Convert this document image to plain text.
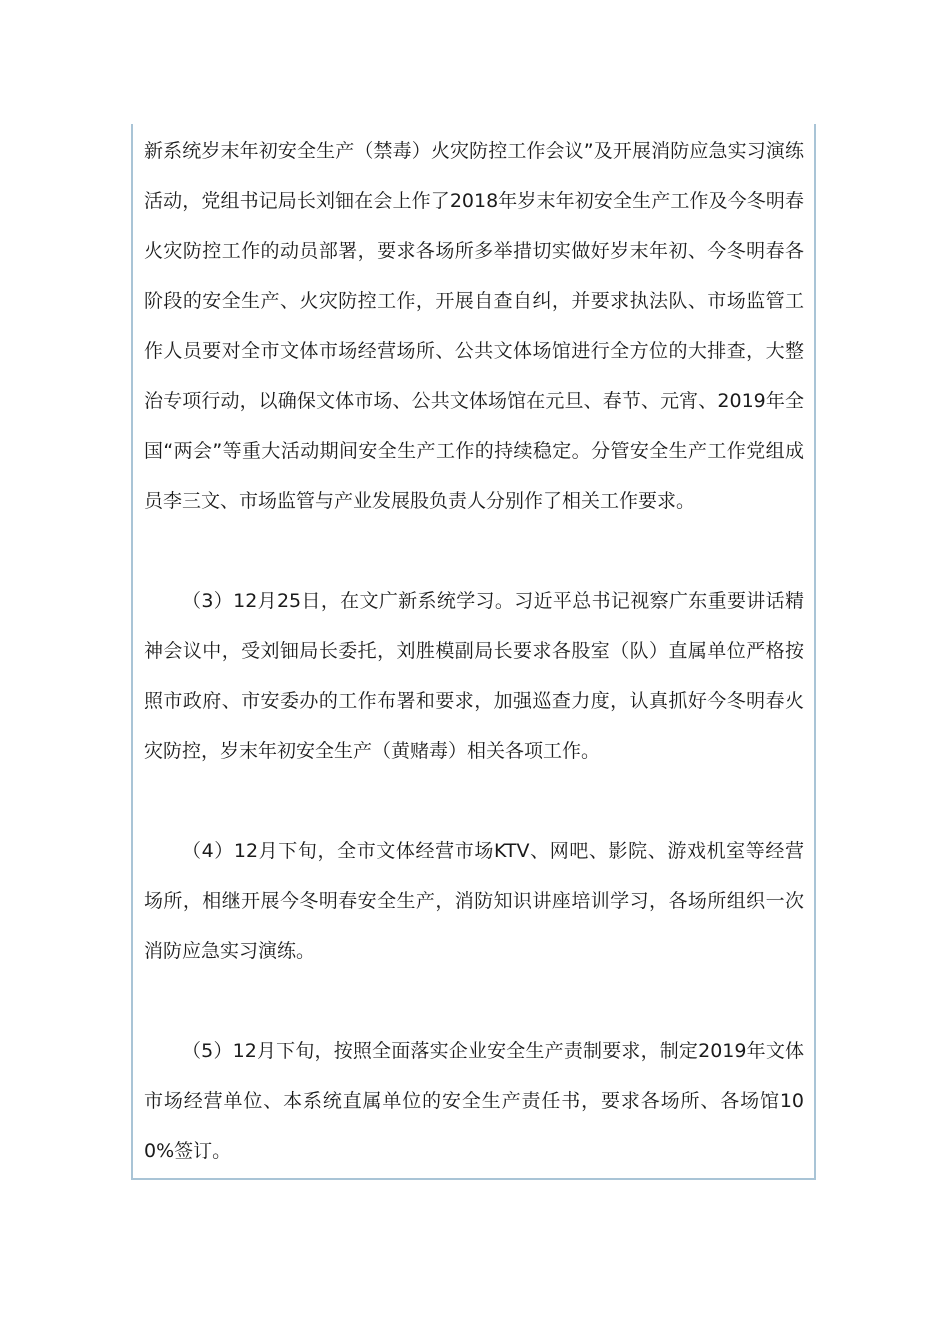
新系统岁末年初安全生产（禁毒）火灾防控工作会议”及开展消防应急实习演练活动，党组书记局长刘钿在会上作了2018年岁末年初安全生产工作及今冬明春火灾防控工作的动员部署，要求各场所多举措切实做好岁末年初、今冬明春各阶段的安全生产、火灾防控工作，开展自查自纠，并要求执法队、市场监管工作人员要对全市文体市场经营场所、公共文体场馆进行全方位的大排查，大整治专项行动，以确保文体市场、公共文体场馆在元旦、春节、元宵、2019年全国“两会”等重大活动期间安全生产工作的持续稳定。分管安全生产工作党组成员李三文、市场监管与产业发展股负责人分别作了相关工作要求。

（3）12月25日，在文广新系统学习。习近平总书记视察广东重要讲话精神会议中，受刘钿局长委托，刘胜模副局长要求各股室（队）直属单位严格按照市政府、市安委办的工作布署和要求，加强巡查力度，认真抓好今冬明春火灾防控，岁末年初安全生产（黄赌毒）相关各项工作。

（4）12月下旬，全市文体经营市场KTV、网吧、影院、游戏机室等经营场所，相继开展今冬明春安全生产，消防知识讲座培训学习，各场所组织一次消防应急实习演练。

（5）12月下旬，按照全面落实企业安全生产责制要求，制定2019年文体市场经营单位、本系统直属单位的安全生产责任书，要求各场所、各场馆100%签订。
